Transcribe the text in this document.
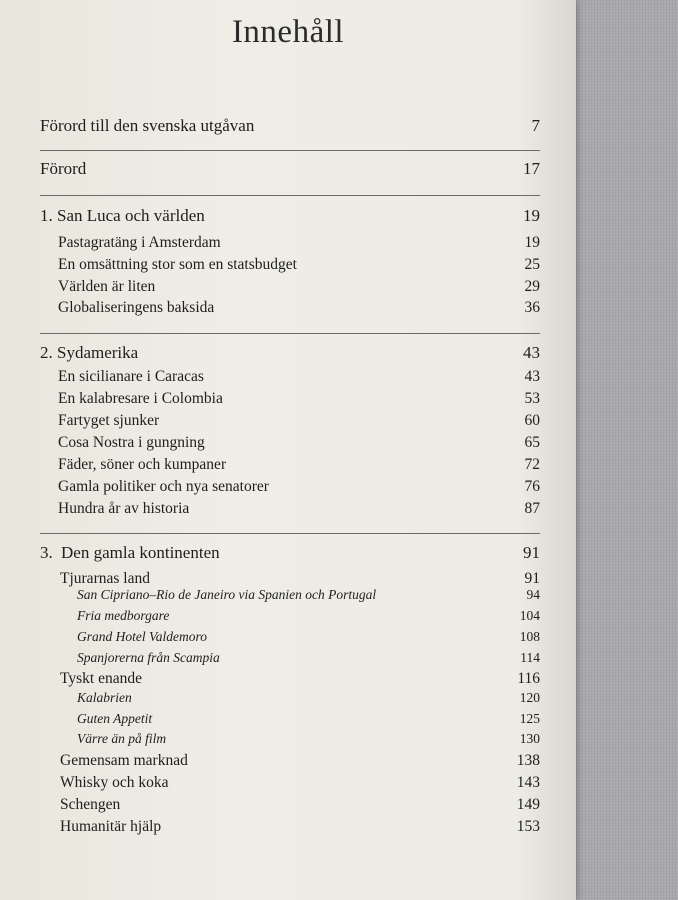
Innehåll
Förord till den svenska utgåvan	7
Förord	17
1. San Luca och världen	19
Pastagratäng i Amsterdam	19
En omsättning stor som en statsbudget	25
Världen är liten	29
Globaliseringens baksida	36
2. Sydamerika	43
En sicilianare i Caracas	43
En kalabresare i Colombia	53
Fartyget sjunker	60
Cosa Nostra i gungning	65
Fäder, söner och kumpaner	72
Gamla politiker och nya senatorer	76
Hundra år av historia	87
3. Den gamla kontinenten	91
Tjurarnas land	91
San Cipriano–Rio de Janeiro via Spanien och Portugal	94
Fria medborgare	104
Grand Hotel Valdemoro	108
Spanjorerna från Scampia	114
Tyskt enande	116
Kalabrien	120
Guten Appetit	125
Värre än på film	130
Gemensam marknad	138
Whisky och koka	143
Schengen	149
Humanitär hjälp	153
